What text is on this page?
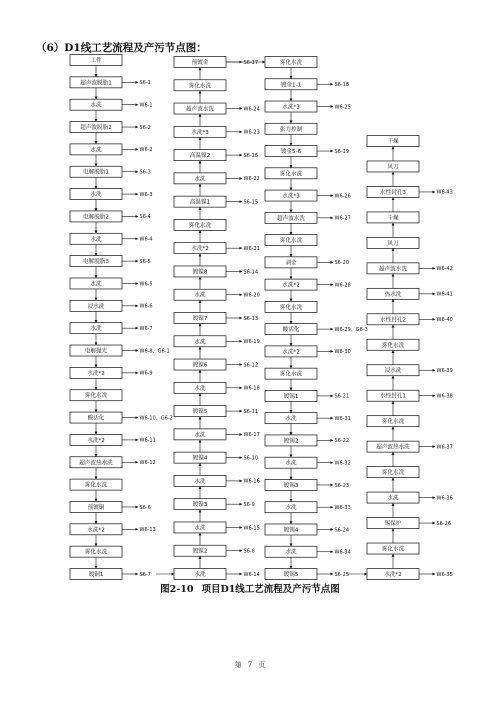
（6）D1线工艺流程及产污节点图：
工件
超声波脱脂1	S6-1
水洗	W6-1
超声波脱脂2	S6-2
水洗	W6-2
电解脱脂1	S6-3
水洗	W6-3
电解脱脂2	S6-4
水洗	W6-4
电解脱脂3	S6-5
水洗	W6-5
浸水洗	W6-6
水洗	W6-7
电解抛光	W6-8、G6-1
水洗*2	W6-9
雾化水洗
酸活化	W6-10、G6-2
水洗*2	W6-11
超声波热水洗	W6-12
雾化水洗
预镀铜	S6-6
水洗*2	W6-13
雾化水洗
镀铜1	S6-7
预镀金	S6-17
雾化水洗
超声波水洗	W6-24
水洗*3	W6-23
高温镍2	S6-16
水洗	W6-22
高温镍1	S6-15
雾化水洗
水洗*2	W6-21
镀镍8	S6-14
水洗	W6-20
镀镍7	S6-13
水洗	W6-19
镀镍6	S6-12
水洗	W6-18
镀镍5	S6-11
水洗	W6-17
镀镍4	S6-10
水洗	W6-16
镀镍3	S6-9
水洗	W6-15
镀镍2	S6-8
水洗	W6-14
雾化水洗
镀金1-1	S6-18
水洗*3	W6-25
张力控制
镀金5-6	S6-19
雾化水洗
水洗*3	W6-26
超声波水洗	W6-27
雾化水洗
剥金	S6-20
水洗*2	W6-28
雾化水洗
酸活化	W6-29、G6-3
水洗*2	W6-30
雾化水洗
镀锡1	S6-21
水洗	W6-31
镀锡2	S6-22
水洗	W6-32
镀锡3	S6-23
水洗	W6-33
镀锡4	S6-24
水洗	W6-34
镀锡5	S6-25
干燥
风刀
水性封孔3	W6-43
干燥
风刀
超声波水洗	W6-42
热水洗	W6-41
水性封孔2	W6-40
雾化水洗
浸水洗	W6-39
水性封孔1	W6-38
雾化水洗
超声波热水洗	W6-37
雾化水洗
水洗	W6-36
锡保护	S6-26
雾化水洗
水洗*2	W6-35
图2-10 项目D1线工艺流程及产污节点图
第 7 页
